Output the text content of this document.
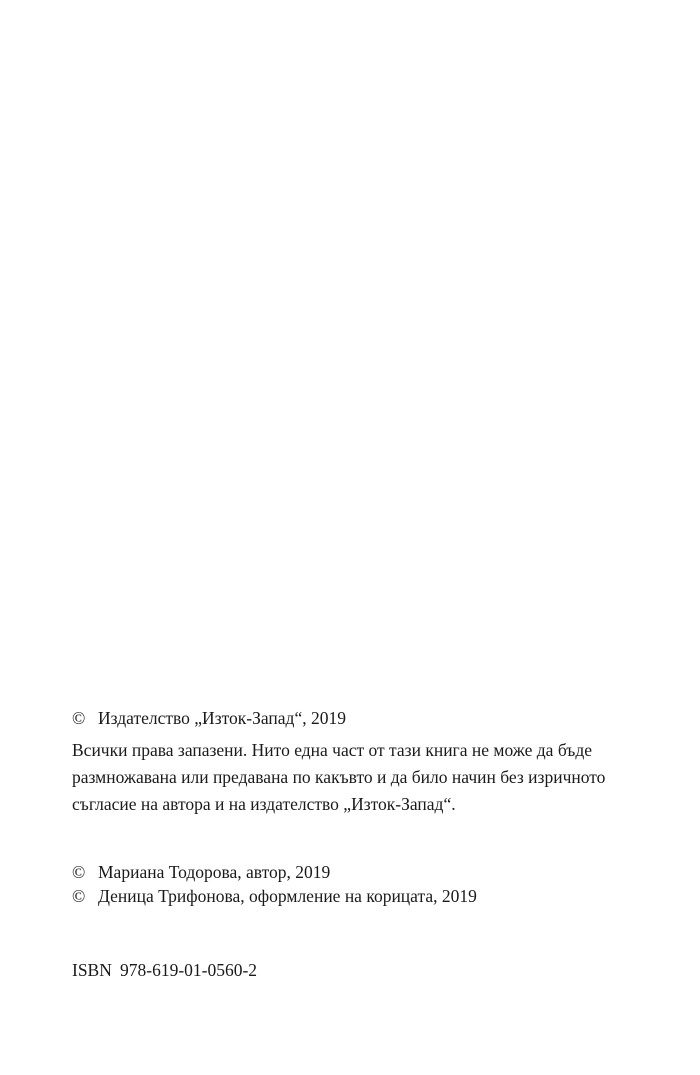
© Издателство „Изток-Запад“, 2019
Всички права запазени. Нито една част от тази книга не може да бъде
размножавана или предавана по какъвто и да било начин без изричното
съгласие на автора и на издателство „Изток-Запад“.
© Мариана Тодорова, автор, 2019
© Деница Трифонова, оформление на корицата, 2019
ISBN 978-619-01-0560-2
